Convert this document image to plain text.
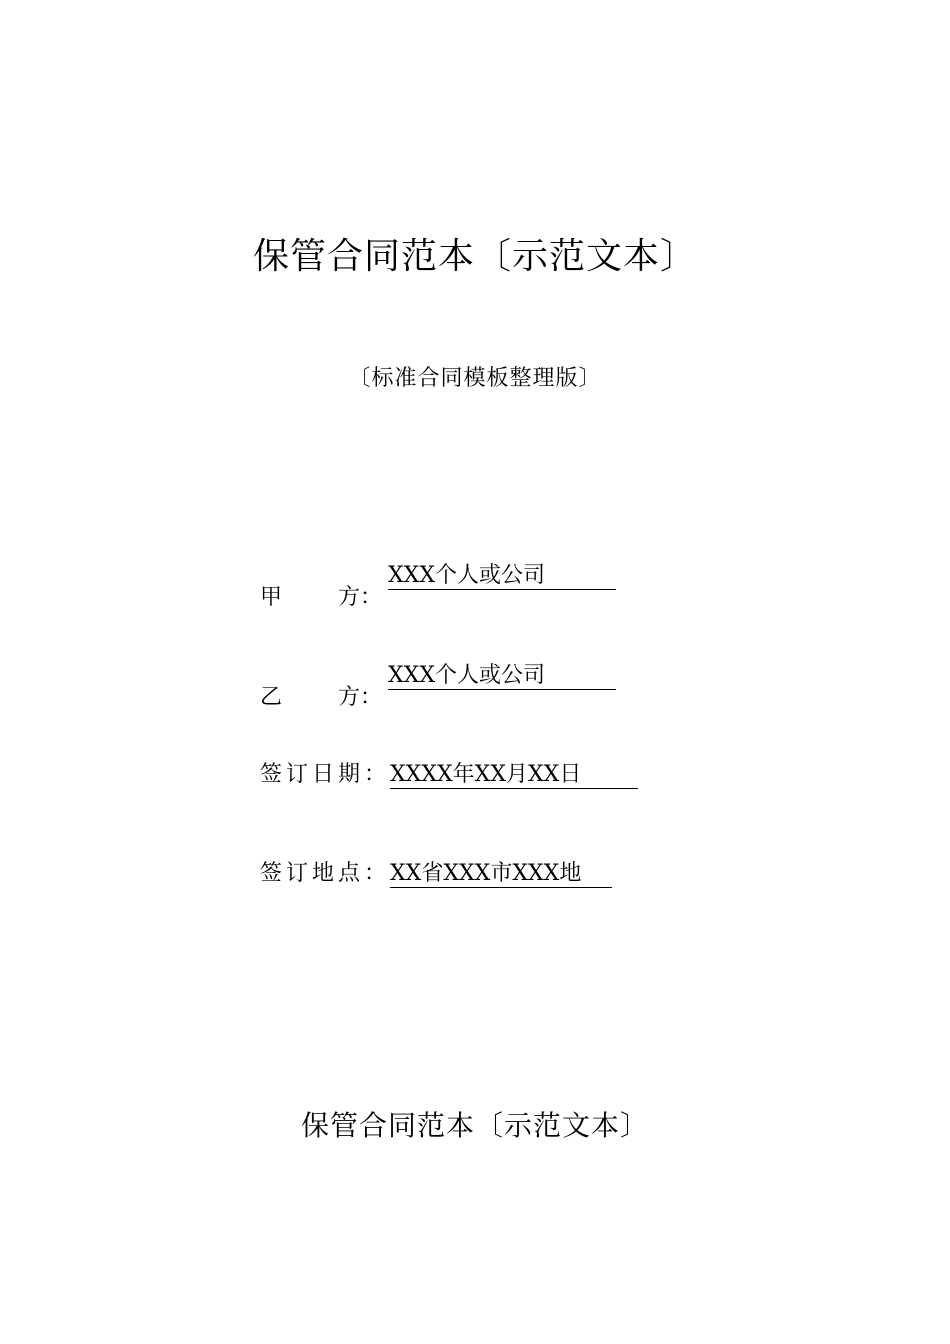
保管合同范本〔示范文本〕
〔标准合同模板整理版〕
甲	方：
XXX个人或公司
乙	方：
XXX个人或公司
签订日期：XXXX年XX月XX日
签订地点：XX省XXX市XXX地
保管合同范本〔示范文本〕
